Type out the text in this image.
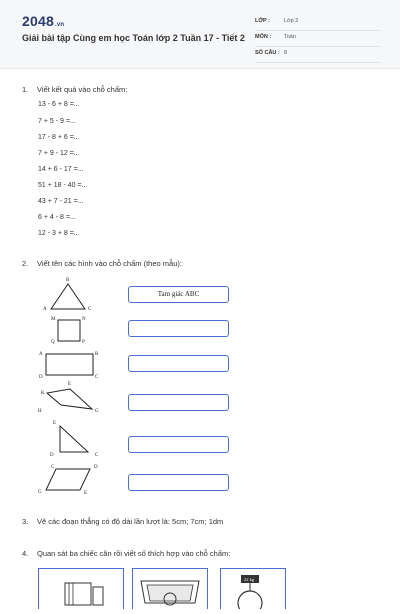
2048.vn
Giải bài tập Cùng em học Toán lớp 2 Tuần 17 - Tiết 2
LỚP :	Lớp 2
MÔN : Toán
SỐ CÂU : 8
1. Viết kết quả vào chỗ chấm:
13 - 6 + 8 =...
7 + 5 - 9 =...
17 - 8 + 6 =...
7 + 9 - 12 =...
14 + 6 - 17 =...
51 + 18 - 40 =...
43 + 7 - 21 =...
6 + 4 - 8 =...
12 - 3 + 8 =...
2. Viết tên các hình vào chỗ chấm (theo mẫu):
B
A	C
M	N
Q	P
A	B
D	C
E
K
H	G
E
D	C
C	D
G	E
Tam giác ABC
3. Vẽ các đoạn thẳng có độ dài lần lượt là: 5cm; 7cm; 1dm
4. Quan sát ba chiếc cân rồi viết số thích hợp vào chỗ chấm:
22 kg
